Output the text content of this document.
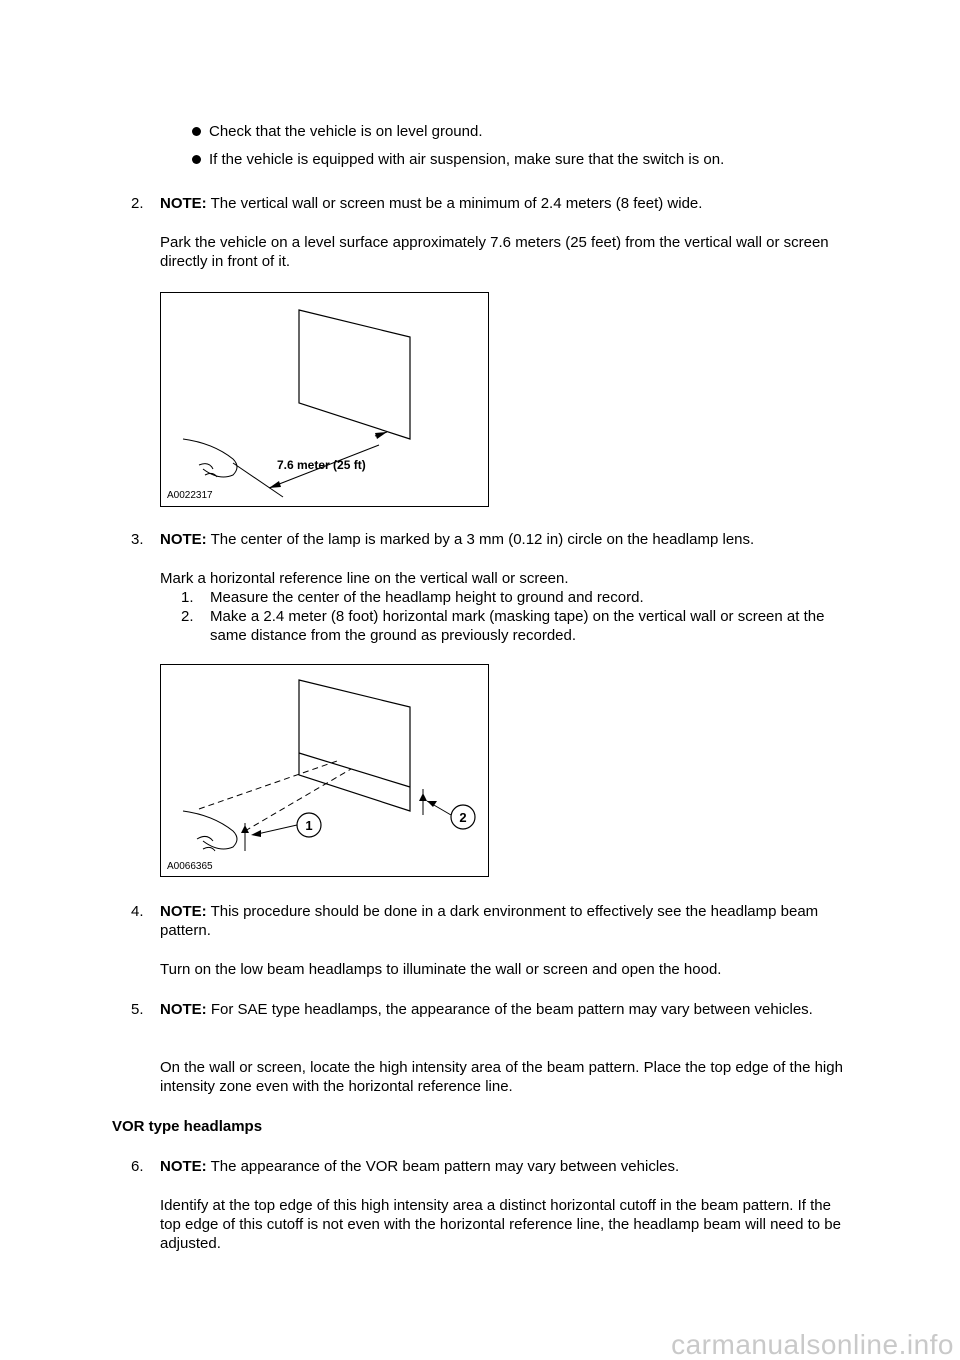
Check that the vehicle is on level ground.
If the vehicle is equipped with air suspension, make sure that the switch is on.
2. NOTE: The vertical wall or screen must be a minimum of 2.4 meters (8 feet) wide.
Park the vehicle on a level surface approximately 7.6 meters (25 feet) from the vertical wall or screen directly in front of it.
7.6 meter (25 ft)
A0022317
3. NOTE: The center of the lamp is marked by a 3 mm (0.12 in) circle on the headlamp lens.
Mark a horizontal reference line on the vertical wall or screen.
1. Measure the center of the headlamp height to ground and record.
2. Make a 2.4 meter (8 foot) horizontal mark (masking tape) on the vertical wall or screen at the same distance from the ground as previously recorded.
1
2
A0066365
4. NOTE: This procedure should be done in a dark environment to effectively see the headlamp beam pattern.
Turn on the low beam headlamps to illuminate the wall or screen and open the hood.
5. NOTE: For SAE type headlamps, the appearance of the beam pattern may vary between vehicles.
On the wall or screen, locate the high intensity area of the beam pattern. Place the top edge of the high intensity zone even with the horizontal reference line.
VOR type headlamps
6. NOTE: The appearance of the VOR beam pattern may vary between vehicles.
Identify at the top edge of this high intensity area a distinct horizontal cutoff in the beam pattern. If the top edge of this cutoff is not even with the horizontal reference line, the headlamp beam will need to be adjusted.
carmanualsonline.info
